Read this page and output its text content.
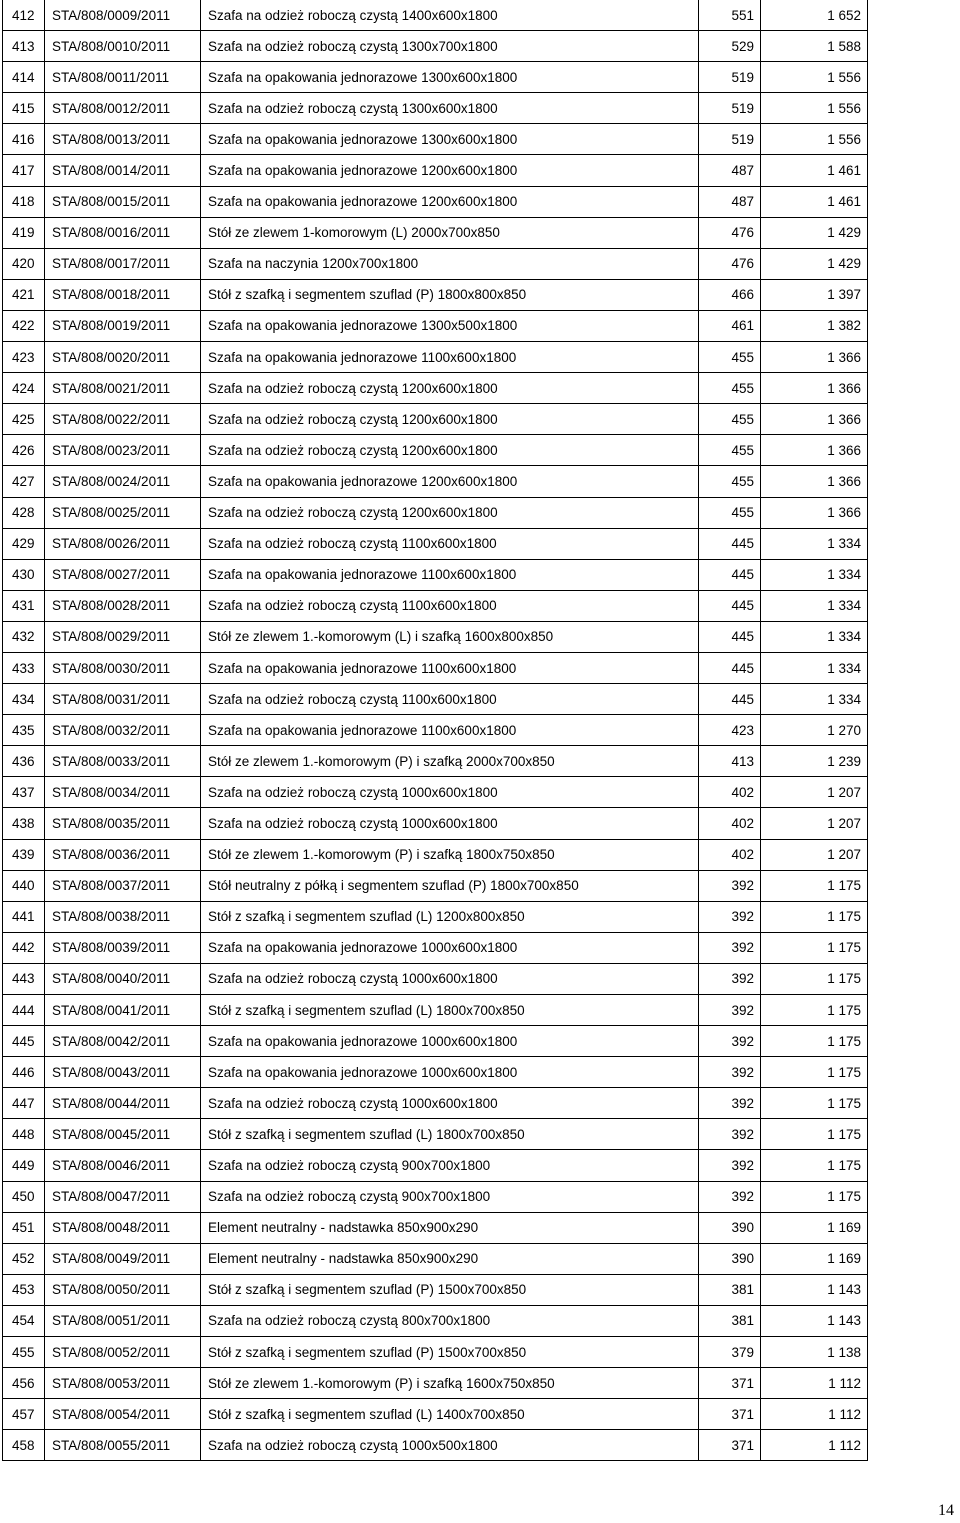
412	STA/808/0009/2011	Szafa na odzież roboczą czystą 1400x600x1800	551	1 652
413	STA/808/0010/2011	Szafa na odzież roboczą czystą 1300x700x1800	529	1 588
414	STA/808/0011/2011	Szafa na opakowania jednorazowe 1300x600x1800	519	1 556
415	STA/808/0012/2011	Szafa na odzież roboczą czystą 1300x600x1800	519	1 556
416	STA/808/0013/2011	Szafa na opakowania jednorazowe 1300x600x1800	519	1 556
417	STA/808/0014/2011	Szafa na opakowania jednorazowe 1200x600x1800	487	1 461
418	STA/808/0015/2011	Szafa na opakowania jednorazowe 1200x600x1800	487	1 461
419	STA/808/0016/2011	Stół ze zlewem 1-komorowym (L) 2000x700x850	476	1 429
420	STA/808/0017/2011	Szafa na naczynia 1200x700x1800	476	1 429
421	STA/808/0018/2011	Stół z szafką i segmentem szuflad (P) 1800x800x850	466	1 397
422	STA/808/0019/2011	Szafa na opakowania jednorazowe 1300x500x1800	461	1 382
423	STA/808/0020/2011	Szafa na opakowania jednorazowe 1100x600x1800	455	1 366
424	STA/808/0021/2011	Szafa na odzież roboczą czystą 1200x600x1800	455	1 366
425	STA/808/0022/2011	Szafa na odzież roboczą czystą 1200x600x1800	455	1 366
426	STA/808/0023/2011	Szafa na odzież roboczą czystą 1200x600x1800	455	1 366
427	STA/808/0024/2011	Szafa na opakowania jednorazowe 1200x600x1800	455	1 366
428	STA/808/0025/2011	Szafa na odzież roboczą czystą 1200x600x1800	455	1 366
429	STA/808/0026/2011	Szafa na odzież roboczą czystą 1100x600x1800	445	1 334
430	STA/808/0027/2011	Szafa na opakowania jednorazowe 1100x600x1800	445	1 334
431	STA/808/0028/2011	Szafa na odzież roboczą czystą 1100x600x1800	445	1 334
432	STA/808/0029/2011	Stół ze zlewem 1.-komorowym (L) i szafką 1600x800x850	445	1 334
433	STA/808/0030/2011	Szafa na opakowania jednorazowe 1100x600x1800	445	1 334
434	STA/808/0031/2011	Szafa na odzież roboczą czystą 1100x600x1800	445	1 334
435	STA/808/0032/2011	Szafa na opakowania jednorazowe 1100x600x1800	423	1 270
436	STA/808/0033/2011	Stół ze zlewem 1.-komorowym (P) i szafką 2000x700x850	413	1 239
437	STA/808/0034/2011	Szafa na odzież roboczą czystą 1000x600x1800	402	1 207
438	STA/808/0035/2011	Szafa na odzież roboczą czystą 1000x600x1800	402	1 207
439	STA/808/0036/2011	Stół ze zlewem 1.-komorowym (P) i szafką 1800x750x850	402	1 207
440	STA/808/0037/2011	Stół neutralny z półką i segmentem szuflad (P) 1800x700x850	392	1 175
441	STA/808/0038/2011	Stół z szafką i segmentem szuflad (L) 1200x800x850	392	1 175
442	STA/808/0039/2011	Szafa na opakowania jednorazowe 1000x600x1800	392	1 175
443	STA/808/0040/2011	Szafa na odzież roboczą czystą 1000x600x1800	392	1 175
444	STA/808/0041/2011	Stół z szafką i segmentem szuflad (L) 1800x700x850	392	1 175
445	STA/808/0042/2011	Szafa na opakowania jednorazowe 1000x600x1800	392	1 175
446	STA/808/0043/2011	Szafa na opakowania jednorazowe 1000x600x1800	392	1 175
447	STA/808/0044/2011	Szafa na odzież roboczą czystą 1000x600x1800	392	1 175
448	STA/808/0045/2011	Stół z szafką i segmentem szuflad (L) 1800x700x850	392	1 175
449	STA/808/0046/2011	Szafa na odzież roboczą czystą 900x700x1800	392	1 175
450	STA/808/0047/2011	Szafa na odzież roboczą czystą 900x700x1800	392	1 175
451	STA/808/0048/2011	Element neutralny - nadstawka 850x900x290	390	1 169
452	STA/808/0049/2011	Element neutralny - nadstawka 850x900x290	390	1 169
453	STA/808/0050/2011	Stół z szafką i segmentem szuflad (P) 1500x700x850	381	1 143
454	STA/808/0051/2011	Szafa na odzież roboczą czystą 800x700x1800	381	1 143
455	STA/808/0052/2011	Stół z szafką i segmentem szuflad (P) 1500x700x850	379	1 138
456	STA/808/0053/2011	Stół ze zlewem 1.-komorowym (P) i szafką 1600x750x850	371	1 112
457	STA/808/0054/2011	Stół z szafką i segmentem szuflad (L) 1400x700x850	371	1 112
458	STA/808/0055/2011	Szafa na odzież roboczą czystą 1000x500x1800	371	1 112
14
